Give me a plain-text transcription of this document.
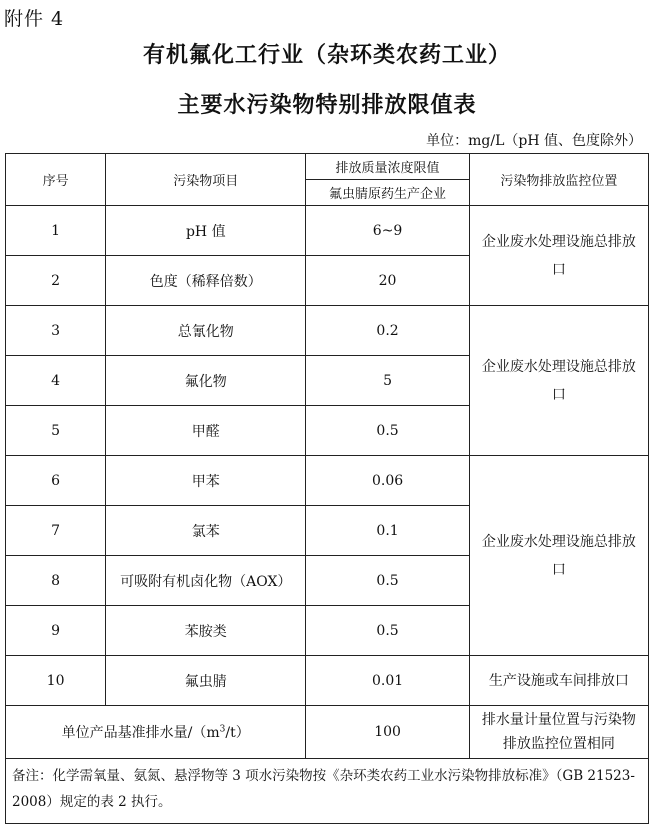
附件 4
有机氟化工行业（杂环类农药工业）
主要水污染物特别排放限值表
单位：mg/L（pH 值、色度除外）
序号	污染物项目	排放质量浓度限值	污染物排放监控位置
		氟虫腈原药生产企业	
1	pH 值	6~9	企业废水处理设施总排放口
2	色度（稀释倍数）	20	
3	总氰化物	0.2	企业废水处理设施总排放口
4	氟化物	5	
5	甲醛	0.5	
6	甲苯	0.06	企业废水处理设施总排放口
7	氯苯	0.1	
8	可吸附有机卤化物（AOX）	0.5	
9	苯胺类	0.5	
10	氟虫腈	0.01	生产设施或车间排放口
单位产品基准排水量$/(m^3/t)$		100	排水量计量位置与污染物排放监控位置相同
备注：化学需氧量、氨氮、悬浮物等 3 项水污染物按《杂环类农药工业水污染物排放标准》（GB 21523-2008）规定的表 2 执行。			
